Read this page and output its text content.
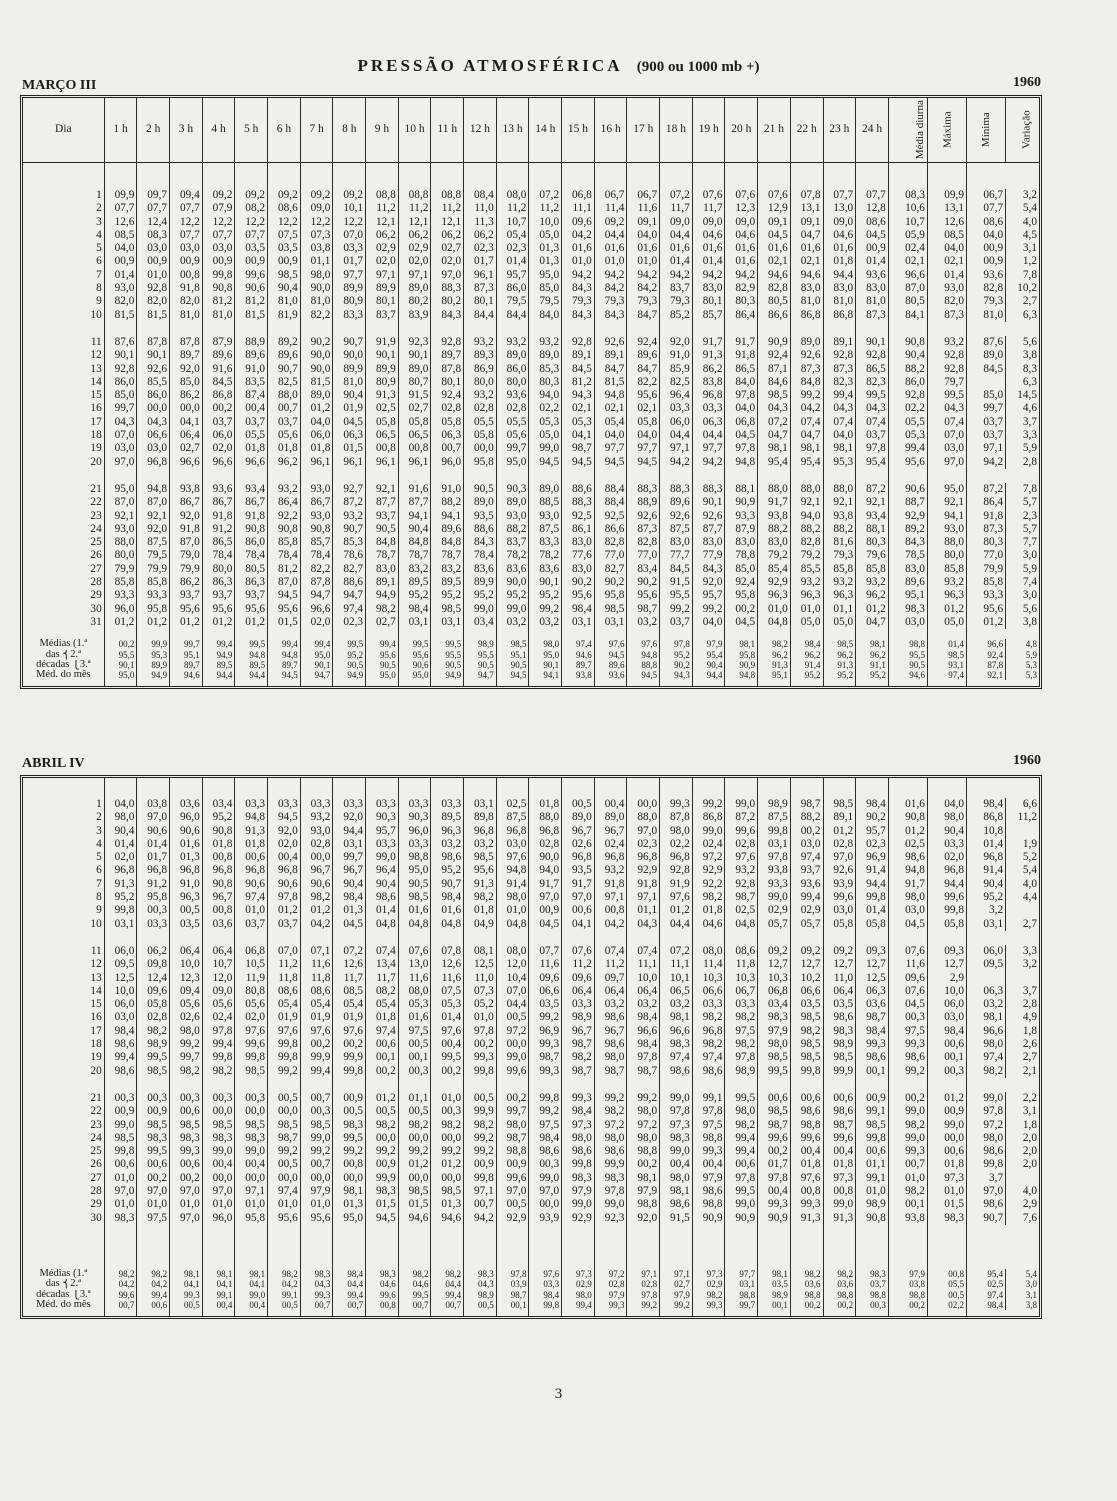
PRESSÃO ATMOSFÉRICA (900 ou 1000 mb +)
MARÇO III	1960
Dia	1 h	2 h	3 h	4 h	5 h	6 h	7 h	8 h	9 h	10 h	11 h	12 h	13 h	14 h	15 h	16 h	17 h	18 h	19 h	20 h	21 h	22 h	23 h	24 h	Média diurna	Máxima	Mínima	Variação

1	09,9	09,7	09,4	09,2	09,2	09,2	09,2	09,2	08,8	08,8	08,8	08,4	08,0	07,2	06,8	06,7	06,7	07,2	07,6	07,6	07,6	07,8	07,7	07,7	08,3	09,9	06,7	3,2
2	07,7	07,7	07,7	07,9	08,2	08,6	09,0	10,1	11,2	11,2	11,2	11,0	11,2	11,2	11,1	11,4	11,6	11,7	11,7	12,3	12,9	13,1	13,0	12,8	10,6	13,1	07,7	5,4
3	12,6	12,4	12,2	12,2	12,2	12,2	12,2	12,2	12,1	12,1	12,1	11,3	10,7	10,0	09,6	09,2	09,1	09,0	09,0	09,0	09,1	09,1	09,0	08,6	10,7	12,6	08,6	4,0
4	08,5	08,3	07,7	07,7	07,7	07,5	07,3	07,0	06,2	06,2	06,2	06,2	05,4	05,0	04,2	04,4	04,0	04,4	04,6	04,6	04,5	04,7	04,6	04,5	05,9	08,5	04,0	4,5
5	04,0	03,0	03,0	03,0	03,5	03,5	03,8	03,3	02,9	02,9	02,7	02,3	02,3	01,3	01,6	01,6	01,6	01,6	01,6	01,6	01,6	01,6	01,6	00,9	02,4	04,0	00,9	3,1
6	00,9	00,9	00,9	00,9	00,9	00,9	01,1	01,7	02,0	02,0	02,0	01,7	01,4	01,3	01,0	01,0	01,0	01,4	01,4	01,6	02,1	02,1	01,8	01,4	02,1	02,1	00,9	1,2
7	01,4	01,0	00,8	99,8	99,6	98,5	98,0	97,7	97,1	97,1	97,0	96,1	95,7	95,0	94,2	94,2	94,2	94,2	94,2	94,2	94,6	94,6	94,4	93,6	96,6	01,4	93,6	7,8
8	93,0	92,8	91,8	90,8	90,6	90,4	90,0	89,9	89,9	89,0	88,3	87,3	86,0	85,0	84,3	84,2	84,2	83,7	83,0	82,9	82,8	83,0	83,0	83,0	87,0	93,0	82,8	10,2
9	82,0	82,0	82,0	81,2	81,2	81,0	81,0	80,9	80,1	80,2	80,2	80,1	79,5	79,5	79,3	79,3	79,3	79,3	80,1	80,3	80,5	81,0	81,0	81,0	80,5	82,0	79,3	2,7
10	81,5	81,5	81,0	81,0	81,5	81,9	82,2	83,3	83,7	83,9	84,3	84,4	84,4	84,0	84,3	84,3	84,7	85,2	85,7	86,4	86,6	86,8	86,8	87,3	84,1	87,3	81,0	6,3

11	87,6	87,8	87,8	87,9	88,9	89,2	90,2	90,7	91,9	92,3	92,8	93,2	93,2	93,2	92,8	92,6	92,4	92,0	91,7	91,7	90,9	89,0	89,1	90,1	90,8	93,2	87,6	5,6
12	90,1	90,1	89,7	89,6	89,6	89,6	90,0	90,0	90,1	90,1	89,7	89,3	89,0	89,0	89,1	89,1	89,6	91,0	91,3	91,8	92,4	92,6	92,8	92,8	90,4	92,8	89,0	3,8
13	92,8	92,6	92,0	91,6	91,0	90,7	90,0	89,9	89,9	89,0	87,8	86,9	86,0	85,3	84,5	84,7	84,7	85,9	86,2	86,5	87,1	87,3	87,3	86,5	88,2	92,8	84,5	8,3
14	86,0	85,5	85,0	84,5	83,5	82,5	81,5	81,0	80,9	80,7	80,1	80,0	80,0	80,3	81,2	81,5	82,2	82,5	83,8	84,0	84,6	84,8	82,3	82,3	86,0	79,7		6,3
15	85,0	86,0	86,2	86,8	87,4	88,0	89,0	90,4	91,3	91,5	92,4	93,2	93,6	94,0	94,3	94,8	95,6	96,4	96,8	97,8	98,5	99,2	99,4	99,5	92,8	99,5	85,0	14,5
16	99,7	00,0	00,0	00,2	00,4	00,7	01,2	01,9	02,5	02,7	02,8	02,8	02,8	02,2	02,1	02,1	02,1	03,3	03,3	04,0	04,3	04,2	04,3	04,3	02,2	04,3	99,7	4,6
17	04,3	04,3	04,1	03,7	03,7	03,7	04,0	04,5	05,8	05,8	05,8	05,5	05,5	05,3	05,3	05,4	05,8	06,0	06,3	06,8	07,2	07,4	07,4	07,4	05,5	07,4	03,7	3,7
18	07,0	06,6	06,4	06,0	05,5	05,6	06,0	06,3	06,5	06,5	06,3	05,8	05,6	05,0	04,1	04,0	04,0	04,4	04,4	04,5	04,7	04,7	04,0	03,7	05,3	07,0	03,7	3,3
19	03,0	03,0	02,7	02,0	01,8	01,8	01,8	01,5	00,8	00,8	00,7	00,0	99,7	99,0	98,7	97,7	97,7	97,1	97,7	97,8	98,1	98,1	98,1	97,8	99,4	03,0	97,1	5,9
20	97,0	96,8	96,6	96,6	96,6	96,2	96,1	96,1	96,1	96,1	96,0	95,8	95,0	94,5	94,5	94,5	94,5	94,2	94,2	94,8	95,4	95,4	95,3	95,4	95,6	97,0	94,2	2,8

21	95,0	94,8	93,8	93,6	93,4	93,2	93,0	92,7	92,1	91,6	91,0	90,5	90,3	89,0	88,6	88,4	88,3	88,3	88,3	88,1	88,0	88,0	88,0	87,2	90,6	95,0	87,2	7,8
22	87,0	87,0	86,7	86,7	86,7	86,4	86,7	87,2	87,7	87,7	88,2	89,0	89,0	88,5	88,3	88,4	88,9	89,6	90,1	90,9	91,7	92,1	92,1	92,1	88,7	92,1	86,4	5,7
23	92,1	92,1	92,0	91,8	91,8	92,2	93,0	93,2	93,7	94,1	94,1	93,5	93,0	93,0	92,5	92,5	92,6	92,6	92,6	93,3	93,8	94,0	93,8	93,4	92,9	94,1	91,8	2,3
24	93,0	92,0	91,8	91,2	90,8	90,8	90,8	90,7	90,5	90,4	89,6	88,6	88,2	87,5	86,1	86,6	87,3	87,5	87,7	87,9	88,2	88,2	88,2	88,1	89,2	93,0	87,3	5,7
25	88,0	87,5	87,0	86,5	86,0	85,8	85,7	85,3	84,8	84,8	84,8	84,3	83,7	83,3	83,0	82,8	82,8	83,0	83,0	83,0	83,0	82,8	81,6	80,3	84,3	88,0	80,3	7,7
26	80,0	79,5	79,0	78,4	78,4	78,4	78,4	78,6	78,7	78,7	78,7	78,4	78,2	78,2	77,6	77,0	77,0	77,7	77,9	78,8	79,2	79,2	79,3	79,6	78,5	80,0	77,0	3,0
27	79,9	79,9	79,9	80,0	80,5	81,2	82,2	82,7	83,0	83,2	83,2	83,6	83,6	83,6	83,0	82,7	83,4	84,5	84,3	85,0	85,4	85,5	85,8	85,8	83,0	85,8	79,9	5,9
28	85,8	85,8	86,2	86,3	86,3	87,0	87,8	88,6	89,1	89,5	89,5	89,9	90,0	90,1	90,2	90,2	90,2	91,5	92,0	92,4	92,9	93,2	93,2	93,2	89,6	93,2	85,8	7,4
29	93,3	93,3	93,7	93,7	93,7	94,5	94,7	94,7	94,9	95,2	95,2	95,2	95,2	95,2	95,6	95,8	95,6	95,5	95,7	95,8	96,3	96,3	96,3	96,2	95,1	96,3	93,3	3,0
30	96,0	95,8	95,6	95,6	95,6	95,6	96,6	97,4	98,2	98,4	98,5	99,0	99,0	99,2	98,4	98,5	98,7	99,2	99,2	00,2	01,0	01,0	01,1	01,2	98,3	01,2	95,6	5,6
31	01,2	01,2	01,2	01,2	01,2	01,5	02,0	02,3	02,7	03,1	03,1	03,4	03,2	03,2	03,1	03,1	03,2	03,7	04,0	04,5	04,8	05,0	05,0	04,7	03,0	05,0	01,2	3,8

Médias (1.ª	00,2	99,9	99,7	99,4	99,5	99,4	99,4	99,5	99,4	99,5	99,5	98,9	98,5	98,0	97,4	97,6	97,6	97,8	97,9	98,1	98,2	98,4	98,5	98,1	98,8	01,4	96,6	4,8
das ⎨2.ª	95,5	95,3	95,1	94,9	94,8	94,8	95,0	95,2	95,6	95,6	95,5	95,5	95,1	95,0	94,6	94,5	94,8	95,2	95,4	95,8	96,2	96,2	96,2	96,2	95,5	98,5	92,4	5,9
décadas ⎩3.ª	90,1	89,9	89,7	89,5	89,5	89,7	90,1	90,5	90,5	90,6	90,5	90,5	90,5	90,1	89,7	89,6	88,8	90,2	90,4	90,9	91,3	91,4	91,3	91,1	90,5	93,1	87,8	5,3
Méd. do mês	95,0	94,9	94,6	94,4	94,4	94,5	94,7	94,9	95,0	95,0	94,9	94,7	94,5	94,1	93,8	93,6	94,5	94,3	94,4	94,8	95,1	95,2	95,2	95,2	94,6	97,4	92,1	5,3

ABRIL IV	1960

1	04,0	03,8	03,6	03,4	03,3	03,3	03,3	03,3	03,3	03,3	03,3	03,1	02,5	01,8	00,5	00,4	00,0	99,3	99,2	99,0	98,9	98,7	98,5	98,4	01,6	04,0	98,4	6,6
2	98,0	97,0	96,0	95,2	94,8	94,5	93,2	92,0	90,3	90,3	89,5	89,8	87,5	88,0	89,0	89,0	88,0	87,8	86,8	87,2	87,5	88,2	89,1	90,2	90,8	98,0	86,8	11,2
3	90,4	90,6	90,6	90,8	91,3	92,0	93,0	94,4	95,7	96,0	96,3	96,8	96,8	96,8	96,7	96,7	97,0	98,0	99,0	99,6	99,8	00,2	01,2	95,7	01,2	90,4	10,8	
4	01,4	01,4	01,6	01,8	01,8	02,0	02,8	03,1	03,3	03,3	03,2	03,2	03,0	02,8	02,6	02,4	02,3	02,2	02,4	02,8	03,1	03,0	02,8	02,3	02,5	03,3	01,4	1,9
5	02,0	01,7	01,3	00,8	00,6	00,4	00,0	99,7	99,0	98,8	98,6	98,5	97,6	90,0	96,8	96,8	96,8	96,8	97,2	97,6	97,8	97,4	97,0	96,9	98,6	02,0	96,8	5,2
6	96,8	96,8	96,8	96,8	96,8	96,8	96,7	96,7	96,4	95,0	95,2	95,6	94,8	94,0	93,5	93,2	92,9	92,8	92,9	93,2	93,8	93,7	92,6	91,4	94,8	96,8	91,4	5,4
7	91,3	91,2	91,0	90,8	90,6	90,6	90,6	90,4	90,4	90,5	90,7	91,3	91,4	91,7	91,7	91,8	91,8	91,9	92,2	92,8	93,3	93,6	93,9	94,4	91,7	94,4	90,4	4,0
8	95,2	95,8	96,3	96,7	97,4	97,8	98,2	98,4	98,6	98,5	98,4	98,2	98,0	97,0	97,0	97,1	97,1	97,6	98,2	98,7	99,0	99,4	99,6	99,8	98,0	99,6	95,2	4,4
9	99,8	00,3	00,5	00,8	01,0	01,2	01,2	01,3	01,4	01,6	01,6	01,8	01,0	00,9	00,6	00,8	01,1	01,2	01,8	02,5	02,9	02,9	03,0	01,4	03,0	99,8	3,2	
10	03,1	03,3	03,5	03,6	03,7	03,7	04,2	04,5	04,8	04,8	04,8	04,9	04,8	04,5	04,1	04,2	04,3	04,4	04,6	04,8	05,7	05,7	05,8	05,8	04,5	05,8	03,1	2,7

11	06,0	06,2	06,4	06,4	06,8	07,0	07,1	07,2	07,4	07,6	07,8	08,1	08,0	07,7	07,6	07,4	07,4	07,2	08,0	08,6	09,2	09,2	09,2	09,3	07,6	09,3	06,0	3,3
12	09,5	09,8	10,0	10,7	10,5	11,2	11,6	12,6	13,4	13,0	12,6	12,5	12,0	11,6	11,2	11,2	11,1	11,1	11,4	11,8	12,7	12,7	12,7	12,7	11,6	12,7	09,5	3,2
13	12,5	12,4	12,3	12,0	11,9	11,8	11,8	11,7	11,7	11,6	11,6	11,0	10,4	09,6	09,6	09,7	10,0	10,1	10,3	10,3	10,3	10,2	11,0	12,5	09,6	2,9		
14	10,0	09,6	09,4	09,0	80,8	08,6	08,6	08,5	08,2	08,0	07,5	07,3	07,0	06,6	06,4	06,4	06,4	06,5	06,6	06,7	06,8	06,6	06,4	06,3	07,6	10,0	06,3	3,7
15	06,0	05,8	05,6	05,6	05,6	05,4	05,4	05,4	05,4	05,3	05,3	05,2	04,4	03,5	03,3	03,2	03,2	03,2	03,3	03,3	03,4	03,5	03,5	03,6	04,5	06,0	03,2	2,8
16	03,0	02,8	02,6	02,4	02,0	01,9	01,9	01,9	01,8	01,6	01,4	01,0	00,5	99,2	98,9	98,6	98,4	98,1	98,2	98,2	98,3	98,5	98,6	98,7	00,3	03,0	98,1	4,9
17	98,4	98,2	98,0	97,8	97,6	97,6	97,6	97,6	97,4	97,5	97,6	97,8	97,2	96,9	96,7	96,7	96,6	96,6	96,8	97,5	97,9	98,2	98,3	98,4	97,5	98,4	96,6	1,8
18	98,6	98,9	99,2	99,4	99,6	99,8	00,2	00,2	00,6	00,5	00,4	00,2	00,0	99,3	98,7	98,6	98,4	98,3	98,2	98,2	98,0	98,5	98,9	99,3	99,3	00,6	98,0	2,6
19	99,4	99,5	99,7	99,8	99,8	99,8	99,9	99,9	00,1	00,1	99,5	99,3	99,0	98,7	98,2	98,0	97,8	97,4	97,4	97,8	98,5	98,5	98,5	98,6	98,6	00,1	97,4	2,7
20	98,6	98,5	98,2	98,2	98,5	99,2	99,4	99,8	00,2	00,3	00,2	99,8	99,6	99,3	98,7	98,7	98,7	98,6	98,6	98,9	99,5	99,8	99,9	00,1	99,2	00,3	98,2	2,1

21	00,3	00,3	00,3	00,3	00,3	00,5	00,7	00,9	01,2	01,1	01,0	00,5	00,2	99,8	99,3	99,2	99,2	99,0	99,1	99,5	00,6	00,6	00,6	00,9	00,2	01,2	99,0	2,2
22	00,9	00,9	00,6	00,0	00,0	00,0	00,3	00,5	00,5	00,5	00,3	99,9	99,7	99,2	98,4	98,2	98,0	97,8	97,8	98,0	98,5	98,6	98,6	99,1	99,0	00,9	97,8	3,1
23	99,0	98,5	98,5	98,5	98,5	98,5	98,5	98,3	98,2	98,2	98,2	98,2	98,0	97,5	97,3	97,2	97,2	97,3	97,5	98,2	98,7	98,8	98,7	98,5	98,2	99,0	97,2	1,8
24	98,5	98,3	98,3	98,3	98,3	98,7	99,0	99,5	00,0	00,0	00,0	99,2	98,7	98,4	98,0	98,0	98,0	98,3	98,8	99,4	99,6	99,6	99,6	99,8	99,0	00,0	98,0	2,0
25	99,8	99,5	99,3	99,0	99,0	99,2	99,2	99,2	99,2	99,2	99,2	99,2	98,8	98,6	98,6	98,6	98,8	99,0	99,3	99,4	00,2	00,4	00,4	00,6	99,3	00,6	98,6	2,0
26	00,6	00,6	00,6	00,4	00,4	00,5	00,7	00,8	00,9	01,2	01,2	00,9	00,9	00,3	99,8	99,9	00,2	00,4	00,4	00,6	01,7	01,8	01,8	01,1	00,7	01,8	99,8	2,0
27	01,0	00,2	00,2	00,0	00,0	00,0	00,0	00,0	99,9	00,0	00,0	99,8	99,6	99,0	98,3	98,3	98,1	98,0	97,9	97,8	97,8	97,6	97,3	99,1	01,0	97,3	3,7	
28	97,0	97,0	97,0	97,0	97,1	97,4	97,9	98,1	98,3	98,5	98,5	97,1	97,0	97,0	97,9	97,8	97,9	98,1	98,6	99,5	00,4	00,8	00,8	01,0	98,2	01,0	97,0	4,0
29	01,0	01,0	01,0	01,0	01,0	01,0	01,0	01,3	01,5	01,5	01,3	00,7	00,5	00,0	99,0	99,0	98,8	98,6	98,8	99,0	99,3	99,3	99,0	98,9	00,1	01,5	98,6	2,9
30	98,3	97,5	97,0	96,0	95,8	95,6	95,6	95,0	94,5	94,6	94,6	94,2	92,9	93,9	92,9	92,3	92,0	91,5	90,9	90,9	90,9	91,3	91,3	90,8	93,8	98,3	90,7	7,6

Médias (1.ª	98,2	98,2	98,1	98,1	98,1	98,2	98,3	98,4	98,3	98,2	98,2	98,3	97,8	97,6	97,3	97,2	97,1	97,1	97,3	97,7	98,1	98,2	98,2	98,3	97,9	00,8	95,4	5,4
das ⎨2.ª	04,2	04,2	04,1	04,1	04,1	04,2	04,3	04,4	04,6	04,6	04,4	04,3	03,9	03,3	02,9	02,8	02,8	02,7	02,9	03,1	03,5	03,6	03,6	03,7	03,8	05,5	02,5	3,0
décadas ⎩3.ª	99,6	99,4	99,3	99,1	99,0	99,1	99,3	99,4	99,6	99,5	99,4	98,9	98,7	98,4	98,0	97,9	97,8	97,9	98,2	98,8	98,9	98,8	98,8	98,8	98,8	00,5	97,4	3,1
Méd. do mês	00,7	00,6	00,5	00,4	00,4	00,5	00,7	00,7	00,8	00,7	00,7	00,5	00,1	99,8	99,4	99,3	99,2	99,2	99,3	99,7	00,1	00,2	00,2	00,3	00,2	02,2	98,4	3,8

3
